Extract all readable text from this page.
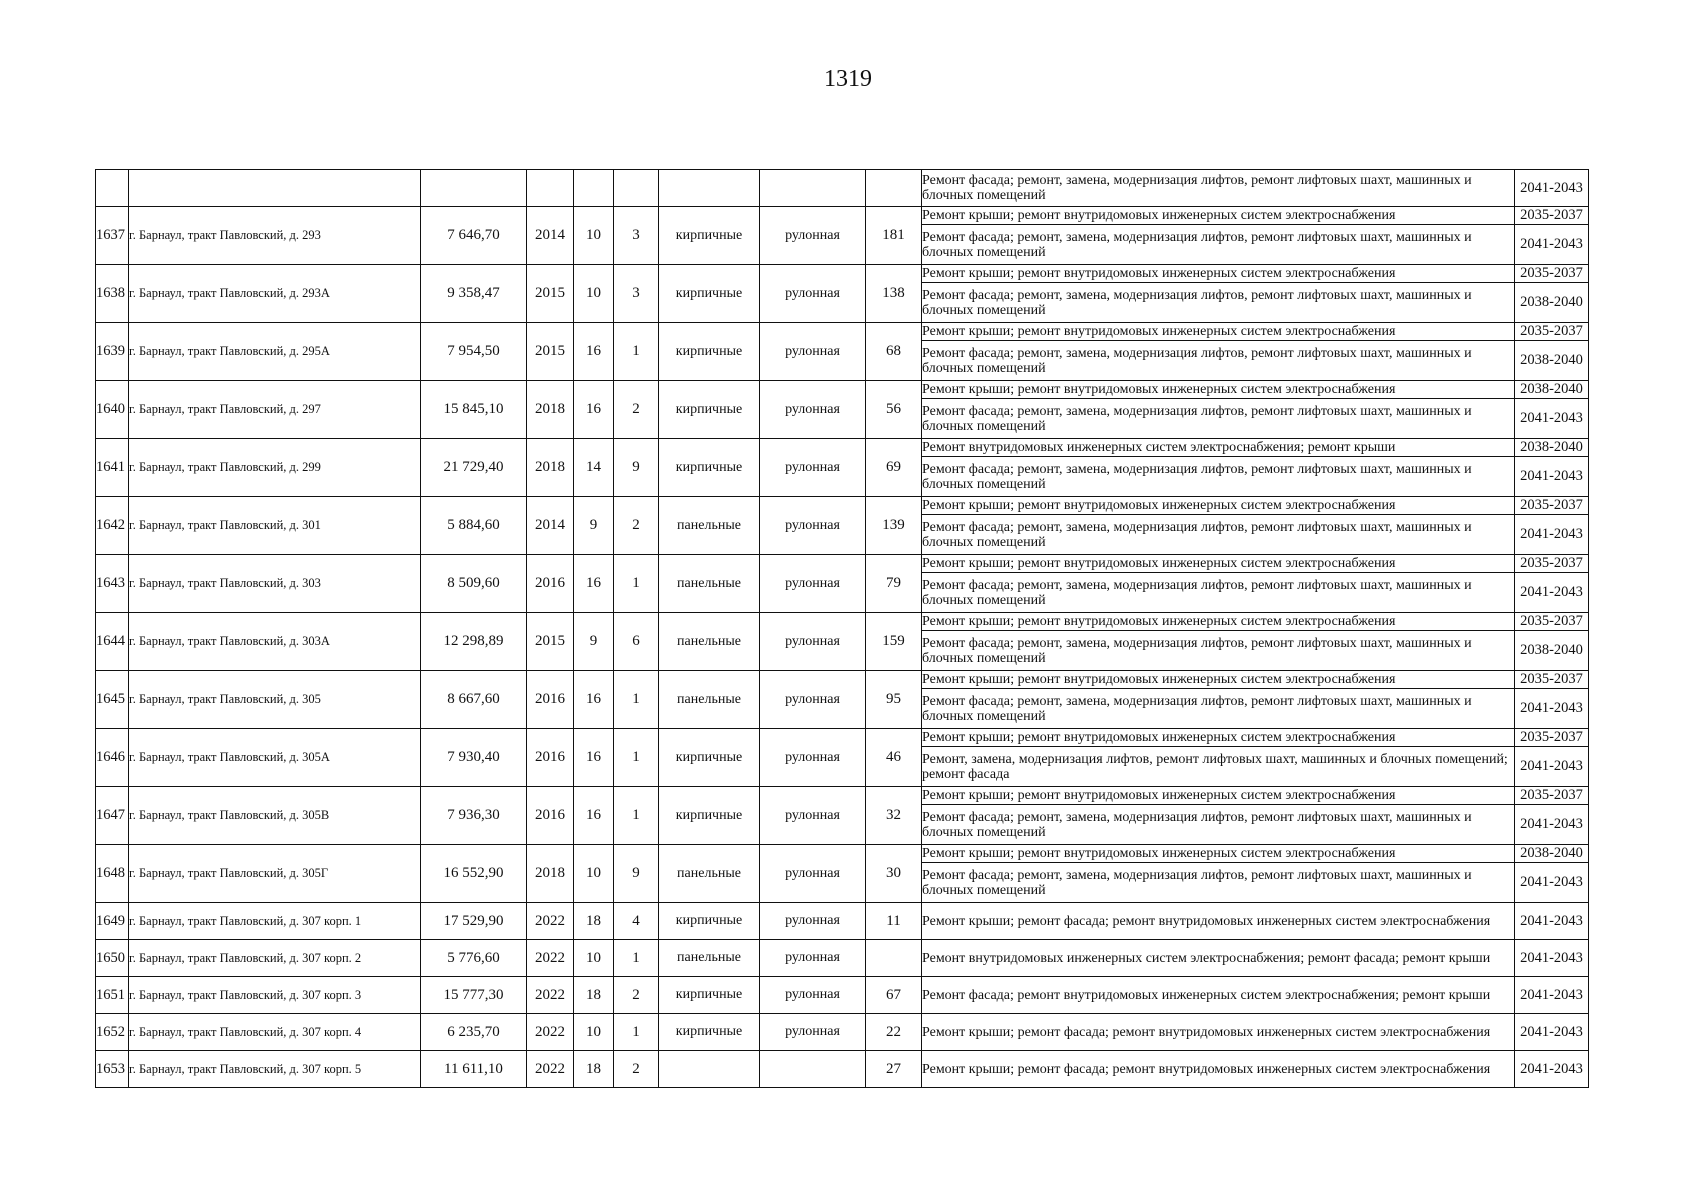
1319
									Ремонт фасада; ремонт, замена, модернизация лифтов, ремонт лифтовых шахт, машинных и блочных помещений	2041-2043
1637	г. Барнаул, тракт Павловский, д. 293	7 646,70	2014	10	3	кирпичные	рулонная	181	Ремонт крыши; ремонт внутридомовых инженерных систем электроснабжения	2035-2037
									Ремонт фасада; ремонт, замена, модернизация лифтов, ремонт лифтовых шахт, машинных и блочных помещений	2041-2043
1638	г. Барнаул, тракт Павловский, д. 293А	9 358,47	2015	10	3	кирпичные	рулонная	138	Ремонт крыши; ремонт внутридомовых инженерных систем электроснабжения	2035-2037
									Ремонт фасада; ремонт, замена, модернизация лифтов, ремонт лифтовых шахт, машинных и блочных помещений	2038-2040
1639	г. Барнаул, тракт Павловский, д. 295А	7 954,50	2015	16	1	кирпичные	рулонная	68	Ремонт крыши; ремонт внутридомовых инженерных систем электроснабжения	2035-2037
									Ремонт фасада; ремонт, замена, модернизация лифтов, ремонт лифтовых шахт, машинных и блочных помещений	2038-2040
1640	г. Барнаул, тракт Павловский, д. 297	15 845,10	2018	16	2	кирпичные	рулонная	56	Ремонт крыши; ремонт внутридомовых инженерных систем электроснабжения	2038-2040
									Ремонт фасада; ремонт, замена, модернизация лифтов, ремонт лифтовых шахт, машинных и блочных помещений	2041-2043
1641	г. Барнаул, тракт Павловский, д. 299	21 729,40	2018	14	9	кирпичные	рулонная	69	Ремонт внутридомовых инженерных систем электроснабжения; ремонт крыши	2038-2040
									Ремонт фасада; ремонт, замена, модернизация лифтов, ремонт лифтовых шахт, машинных и блочных помещений	2041-2043
1642	г. Барнаул, тракт Павловский, д. 301	5 884,60	2014	9	2	панельные	рулонная	139	Ремонт крыши; ремонт внутридомовых инженерных систем электроснабжения	2035-2037
									Ремонт фасада; ремонт, замена, модернизация лифтов, ремонт лифтовых шахт, машинных и блочных помещений	2041-2043
1643	г. Барнаул, тракт Павловский, д. 303	8 509,60	2016	16	1	панельные	рулонная	79	Ремонт крыши; ремонт внутридомовых инженерных систем электроснабжения	2035-2037
									Ремонт фасада; ремонт, замена, модернизация лифтов, ремонт лифтовых шахт, машинных и блочных помещений	2041-2043
1644	г. Барнаул, тракт Павловский, д. 303А	12 298,89	2015	9	6	панельные	рулонная	159	Ремонт крыши; ремонт внутридомовых инженерных систем электроснабжения	2035-2037
									Ремонт фасада; ремонт, замена, модернизация лифтов, ремонт лифтовых шахт, машинных и блочных помещений	2038-2040
1645	г. Барнаул, тракт Павловский, д. 305	8 667,60	2016	16	1	панельные	рулонная	95	Ремонт крыши; ремонт внутридомовых инженерных систем электроснабжения	2035-2037
									Ремонт фасада; ремонт, замена, модернизация лифтов, ремонт лифтовых шахт, машинных и блочных помещений	2041-2043
1646	г. Барнаул, тракт Павловский, д. 305А	7 930,40	2016	16	1	кирпичные	рулонная	46	Ремонт крыши; ремонт внутридомовых инженерных систем электроснабжения	2035-2037
									Ремонт, замена, модернизация лифтов, ремонт лифтовых шахт, машинных и блочных помещений; ремонт фасада	2041-2043
1647	г. Барнаул, тракт Павловский, д. 305В	7 936,30	2016	16	1	кирпичные	рулонная	32	Ремонт крыши; ремонт внутридомовых инженерных систем электроснабжения	2035-2037
									Ремонт фасада; ремонт, замена, модернизация лифтов, ремонт лифтовых шахт, машинных и блочных помещений	2041-2043
1648	г. Барнаул, тракт Павловский, д. 305Г	16 552,90	2018	10	9	панельные	рулонная	30	Ремонт крыши; ремонт внутридомовых инженерных систем электроснабжения	2038-2040
									Ремонт фасада; ремонт, замена, модернизация лифтов, ремонт лифтовых шахт, машинных и блочных помещений	2041-2043
1649	г. Барнаул, тракт Павловский, д. 307 корп. 1	17 529,90	2022	18	4	кирпичные	рулонная	11	Ремонт крыши; ремонт фасада; ремонт внутридомовых инженерных систем электроснабжения	2041-2043
1650	г. Барнаул, тракт Павловский, д. 307 корп. 2	5 776,60	2022	10	1	панельные	рулонная		Ремонт внутридомовых инженерных систем электроснабжения; ремонт фасада; ремонт крыши	2041-2043
1651	г. Барнаул, тракт Павловский, д. 307 корп. 3	15 777,30	2022	18	2	кирпичные	рулонная	67	Ремонт фасада; ремонт внутридомовых инженерных систем электроснабжения; ремонт крыши	2041-2043
1652	г. Барнаул, тракт Павловский, д. 307 корп. 4	6 235,70	2022	10	1	кирпичные	рулонная	22	Ремонт крыши; ремонт фасада; ремонт внутридомовых инженерных систем электроснабжения	2041-2043
1653	г. Барнаул, тракт Павловский, д. 307 корп. 5	11 611,10	2022	18	2			27	Ремонт крыши; ремонт фасада; ремонт внутридомовых инженерных систем электроснабжения	2041-2043
